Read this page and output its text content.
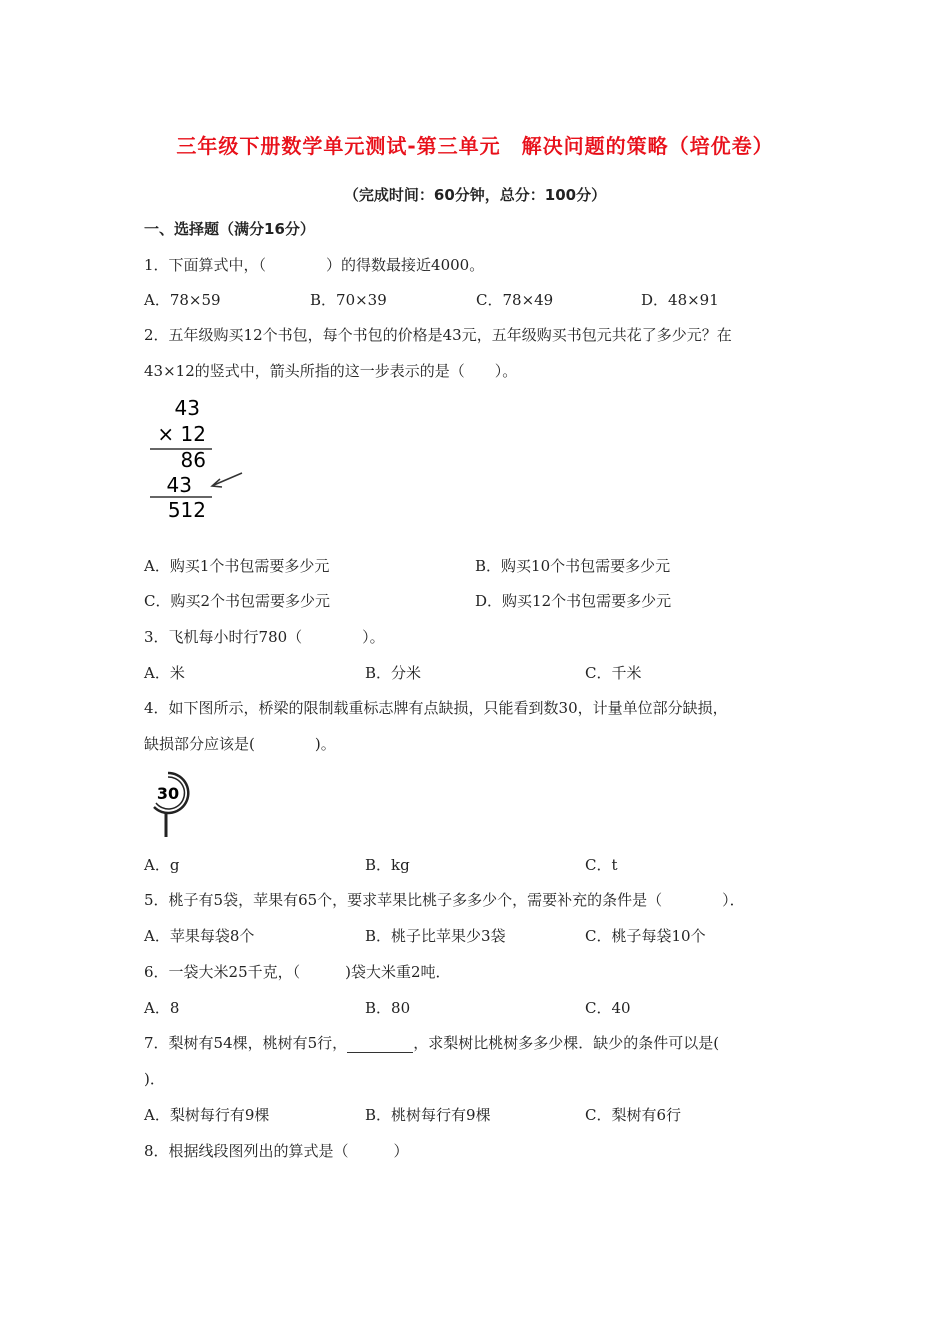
三年级下册数学单元测试-第三单元　解决问题的策略（培优卷）
（完成时间：60分钟，总分：100分）
一、选择题（满分16分）
1．下面算式中，（　　　　）的得数最接近4000。
A．78×59	B．70×39	C．78×49	D．48×91
2．五年级购买12个书包，每个书包的价格是43元，五年级购买书包元共花了多少元？在
43×12的竖式中，箭头所指的这一步表示的是（　　）。
43
× 12
86
43
512
A．购买1个书包需要多少元	B．购买10个书包需要多少元
C．购买2个书包需要多少元	D．购买12个书包需要多少元
3．飞机每小时行780（　　　　）。
A．米	B．分米	C．千米
4．如下图所示，桥梁的限制载重标志牌有点缺损，只能看到数30，计量单位部分缺损，
缺损部分应该是(　　　　)。
30
A．g	B．kg	C．t
5．桃子有5袋，苹果有65个，要求苹果比桃子多多少个，需要补充的条件是（　　　　）．
A．苹果每袋8个	B．桃子比苹果少3袋	C．桃子每袋10个
6．一袋大米25千克，（　　　)袋大米重2吨．
A．8	B．80	C．40
7．梨树有54棵，桃树有5行，	，求梨树比桃树多多少棵．缺少的条件可以是(
)．
A．梨树每行有9棵	B．桃树每行有9棵	C．梨树有6行
8．根据线段图列出的算式是（　　　）
